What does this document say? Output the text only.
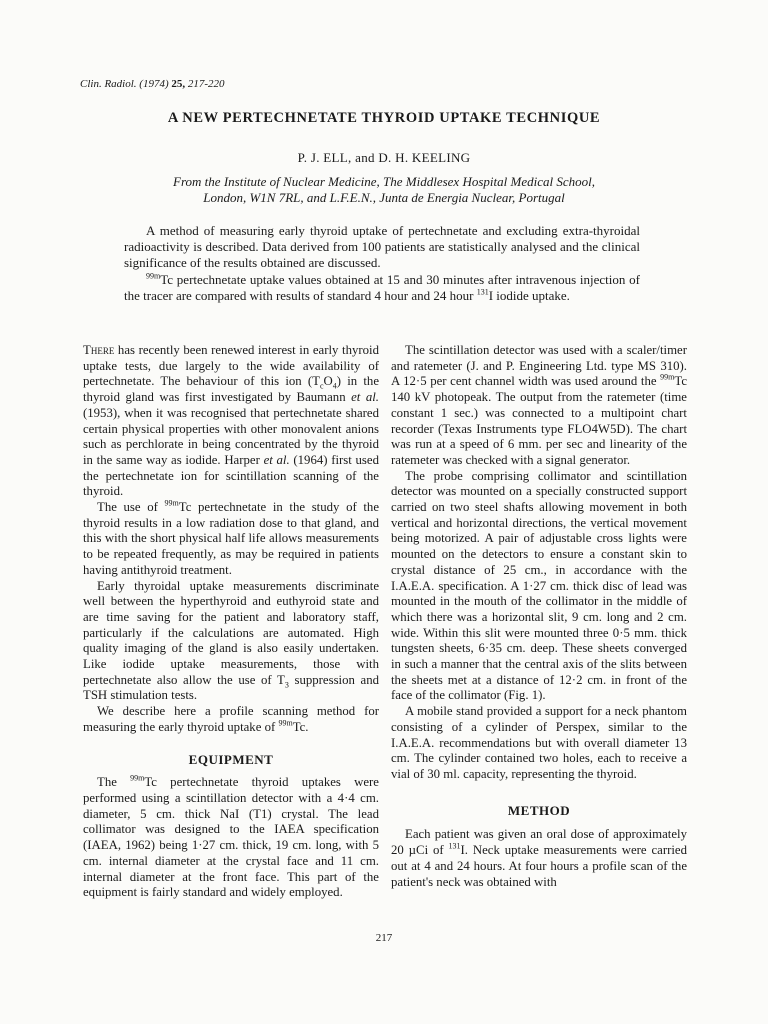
Clin. Radiol. (1974) 25, 217-220
A NEW PERTECHNETATE THYROID UPTAKE TECHNIQUE
P. J. ELL, and D. H. KEELING
From the Institute of Nuclear Medicine, The Middlesex Hospital Medical School,
London, W1N 7RL, and L.F.E.N., Junta de Energia Nuclear, Portugal

A method of measuring early thyroid uptake of pertechnetate and excluding extra-thyroidal radioactivity is described. Data derived from 100 patients are statistically analysed and the clinical significance of the results obtained are discussed.

$^{99m}$Tc pertechnetate uptake values obtained at 15 and 30 minutes after intravenous injection of the tracer are compared with results of standard 4 hour and 24 hour $^{131}$I iodide uptake.

There has recently been renewed interest in early thyroid uptake tests, due largely to the wide availability of pertechnetate. The behaviour of this ion $(T_cO_4)$ in the thyroid gland was first investigated by Baumann et al. (1953), when it was recognised that pertechnetate shared certain physical properties with other monovalent anions such as perchlorate in being concentrated by the thyroid in the same way as iodide. Harper et al. (1964) first used the pertechnetate ion for scintillation scanning of the thyroid.

The use of $^{99m}$Tc pertechnetate in the study of the thyroid results in a low radiation dose to that gland, and this with the short physical half life allows measurements to be repeated frequently, as may be required in patients having antithyroid treatment.

Early thyroidal uptake measurements discriminate well between the hyperthyroid and euthyroid state and are time saving for the patient and laboratory staff, particularly if the calculations are automated. High quality imaging of the gland is also easily undertaken. Like iodide uptake measurements, those with pertechnetate also allow the use of $T_3$ suppression and TSH stimulation tests.

We describe here a profile scanning method for measuring the early thyroid uptake of $^{99m}$Tc.

EQUIPMENT

The $^{99m}$Tc pertechnetate thyroid uptakes were performed using a scintillation detector with a 4·4 cm. diameter, 5 cm. thick NaI (T1) crystal. The lead collimator was designed to the IAEA specification (IAEA, 1962) being 1·27 cm. thick, 19 cm. long, with 5 cm. internal diameter at the crystal face and 11 cm. internal diameter at the front face. This part of the equipment is fairly standard and widely employed.

The scintillation detector was used with a scaler/timer and ratemeter (J. and P. Engineering Ltd. type MS 310). A 12·5 per cent channel width was used around the $^{99m}$Tc 140 kV photopeak. The output from the ratemeter (time constant 1 sec.) was connected to a multipoint chart recorder (Texas Instruments type FLO4W5D). The chart was run at a speed of 6 mm. per sec and linearity of the ratemeter was checked with a signal generator.

The probe comprising collimator and scintillation detector was mounted on a specially constructed support carried on two steel shafts allowing movement in both vertical and horizontal directions, the vertical movement being motorized. A pair of adjustable cross lights were mounted on the detectors to ensure a constant skin to crystal distance of 25 cm., in accordance with the I.A.E.A. specification. A 1·27 cm. thick disc of lead was mounted in the mouth of the collimator in the middle of which there was a horizontal slit, 9 cm. long and 2 cm. wide. Within this slit were mounted three 0·5 mm. thick tungsten sheets, 6·35 cm. deep. These sheets converged in such a manner that the central axis of the slits between the sheets met at a distance of 12·2 cm. in front of the face of the collimator (Fig. 1).

A mobile stand provided a support for a neck phantom consisting of a cylinder of Perspex, similar to the I.A.E.A. recommendations but with overall diameter 13 cm. The cylinder contained two holes, each to receive a vial of 30 ml. capacity, representing the thyroid.

METHOD

Each patient was given an oral dose of approximately 20 µCi of $^{131}$I. Neck uptake measurements were carried out at 4 and 24 hours. At four hours a profile scan of the patient's neck was obtained with

217
